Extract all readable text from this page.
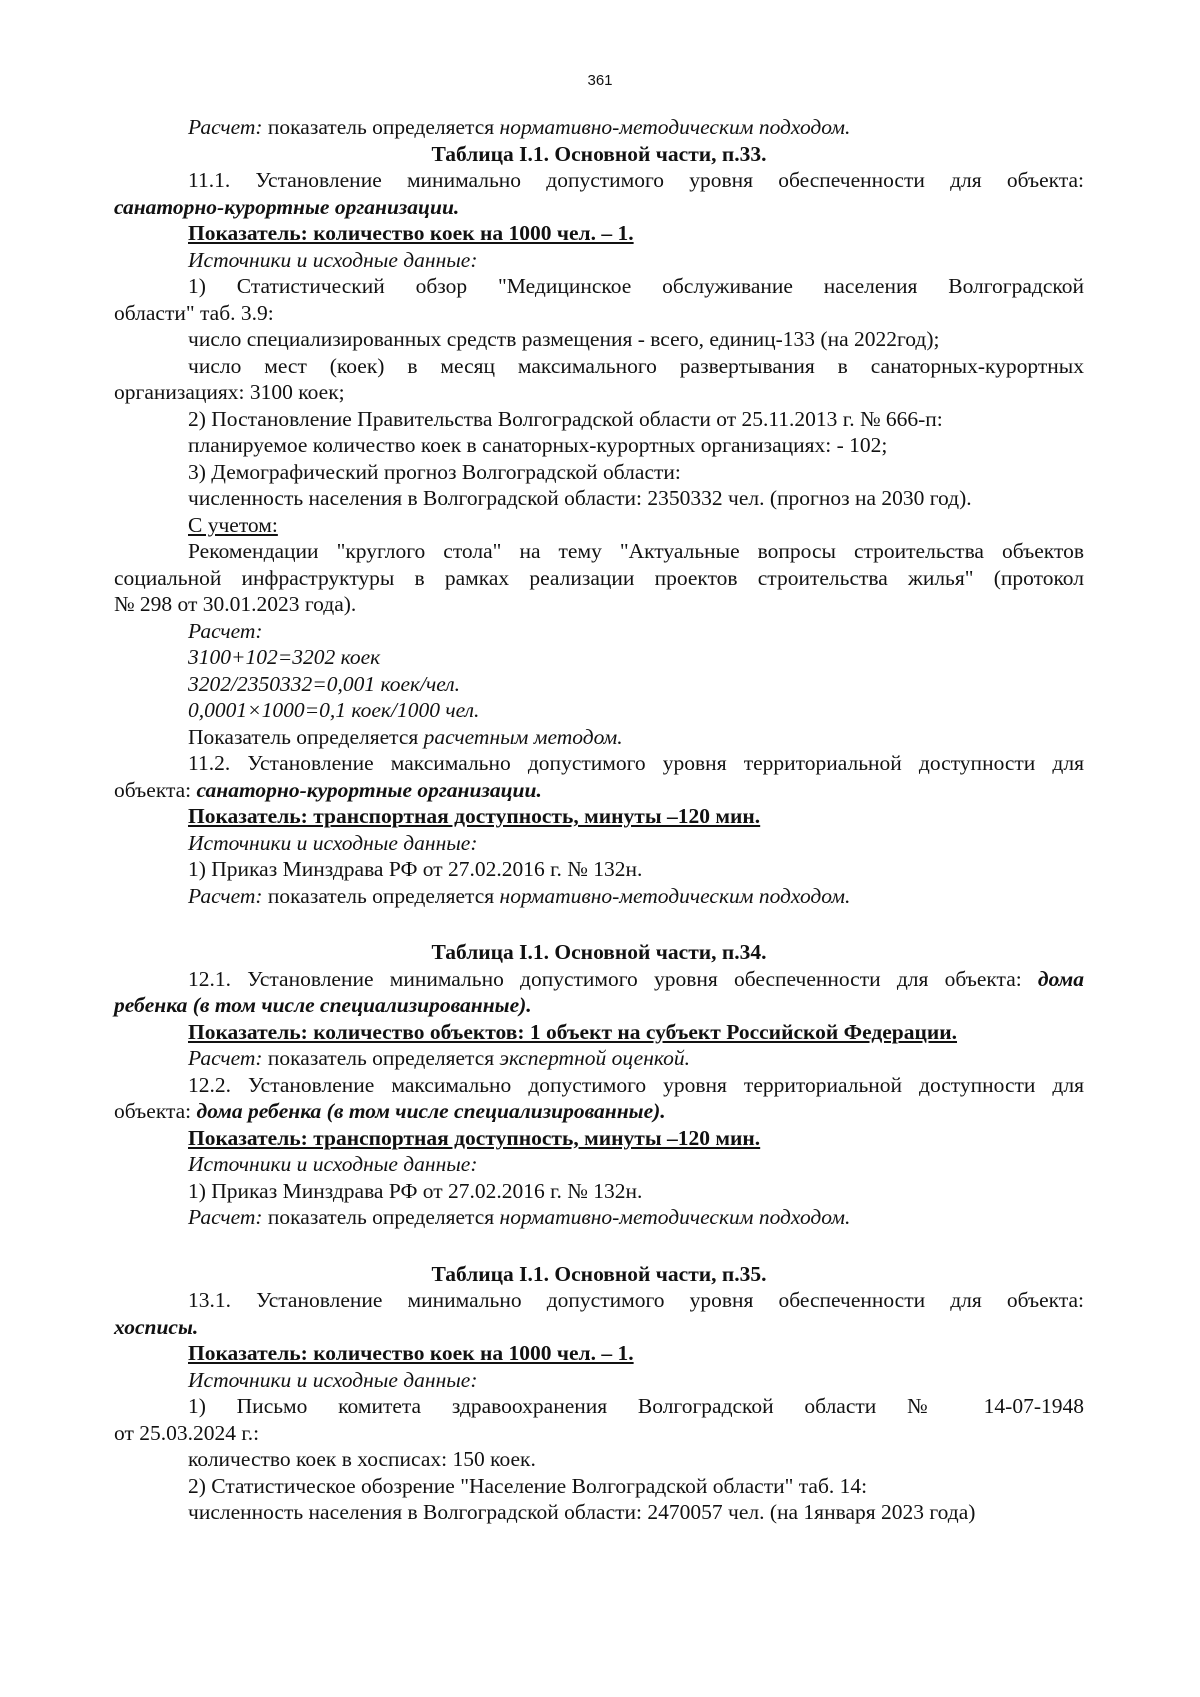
361

Расчет: показатель определяется нормативно-методическим подходом.

Таблица I.1. Основной части, п.33.

11.1. Установление минимально допустимого уровня обеспеченности для объекта:

санаторно-курортные организации.

Показатель: количество коек на 1000 чел. – 1.

Источники и исходные данные:

1) Статистический обзор "Медицинское обслуживание населения Волгоградской

области" таб. 3.9:

число специализированных средств размещения - всего, единиц-133 (на 2022год);

число мест (коек) в месяц максимального развертывания в санаторных-курортных

организациях: 3100 коек;

2) Постановление Правительства Волгоградской области от 25.11.2013 г. № 666-п:

планируемое количество коек в санаторных-курортных организациях: - 102;

3) Демографический прогноз Волгоградской области:

численность населения в Волгоградской области: 2350332 чел. (прогноз на 2030 год).

С учетом:

Рекомендации "круглого стола" на тему "Актуальные вопросы строительства объектов

социальной инфраструктуры в рамках реализации проектов строительства жилья" (протокол

№ 298 от 30.01.2023 года).

Расчет:

3100+102=3202 коек

3202/2350332=0,001 коек/чел.

0,0001×1000=0,1 коек/1000 чел.

Показатель определяется расчетным методом.

11.2. Установление максимально допустимого уровня территориальной доступности для

объекта: санаторно-курортные организации.

Показатель: транспортная доступность, минуты –120 мин.

Источники и исходные данные:

1) Приказ Минздрава РФ от 27.02.2016 г. № 132н.

Расчет: показатель определяется нормативно-методическим подходом.

Таблица I.1. Основной части, п.34.

12.1. Установление минимально допустимого уровня обеспеченности для объекта: дома

ребенка (в том числе специализированные).

Показатель: количество объектов: 1 объект на субъект Российской Федерации.

Расчет: показатель определяется экспертной оценкой.

12.2. Установление максимально допустимого уровня территориальной доступности для

объекта: дома ребенка (в том числе специализированные).

Показатель: транспортная доступность, минуты –120 мин.

Источники и исходные данные:

1) Приказ Минздрава РФ от 27.02.2016 г. № 132н.

Расчет: показатель определяется нормативно-методическим подходом.

Таблица I.1. Основной части, п.35.

13.1. Установление минимально допустимого уровня обеспеченности для объекта:

хосписы.

Показатель: количество коек на 1000 чел. – 1.

Источники и исходные данные:

1) Письмо комитета здравоохранения Волгоградской области № 14-07-1948

от 25.03.2024 г.:

количество коек в хосписах: 150 коек.

2) Статистическое обозрение "Население Волгоградской области" таб. 14:

численность населения в Волгоградской области: 2470057 чел. (на 1января 2023 года)
